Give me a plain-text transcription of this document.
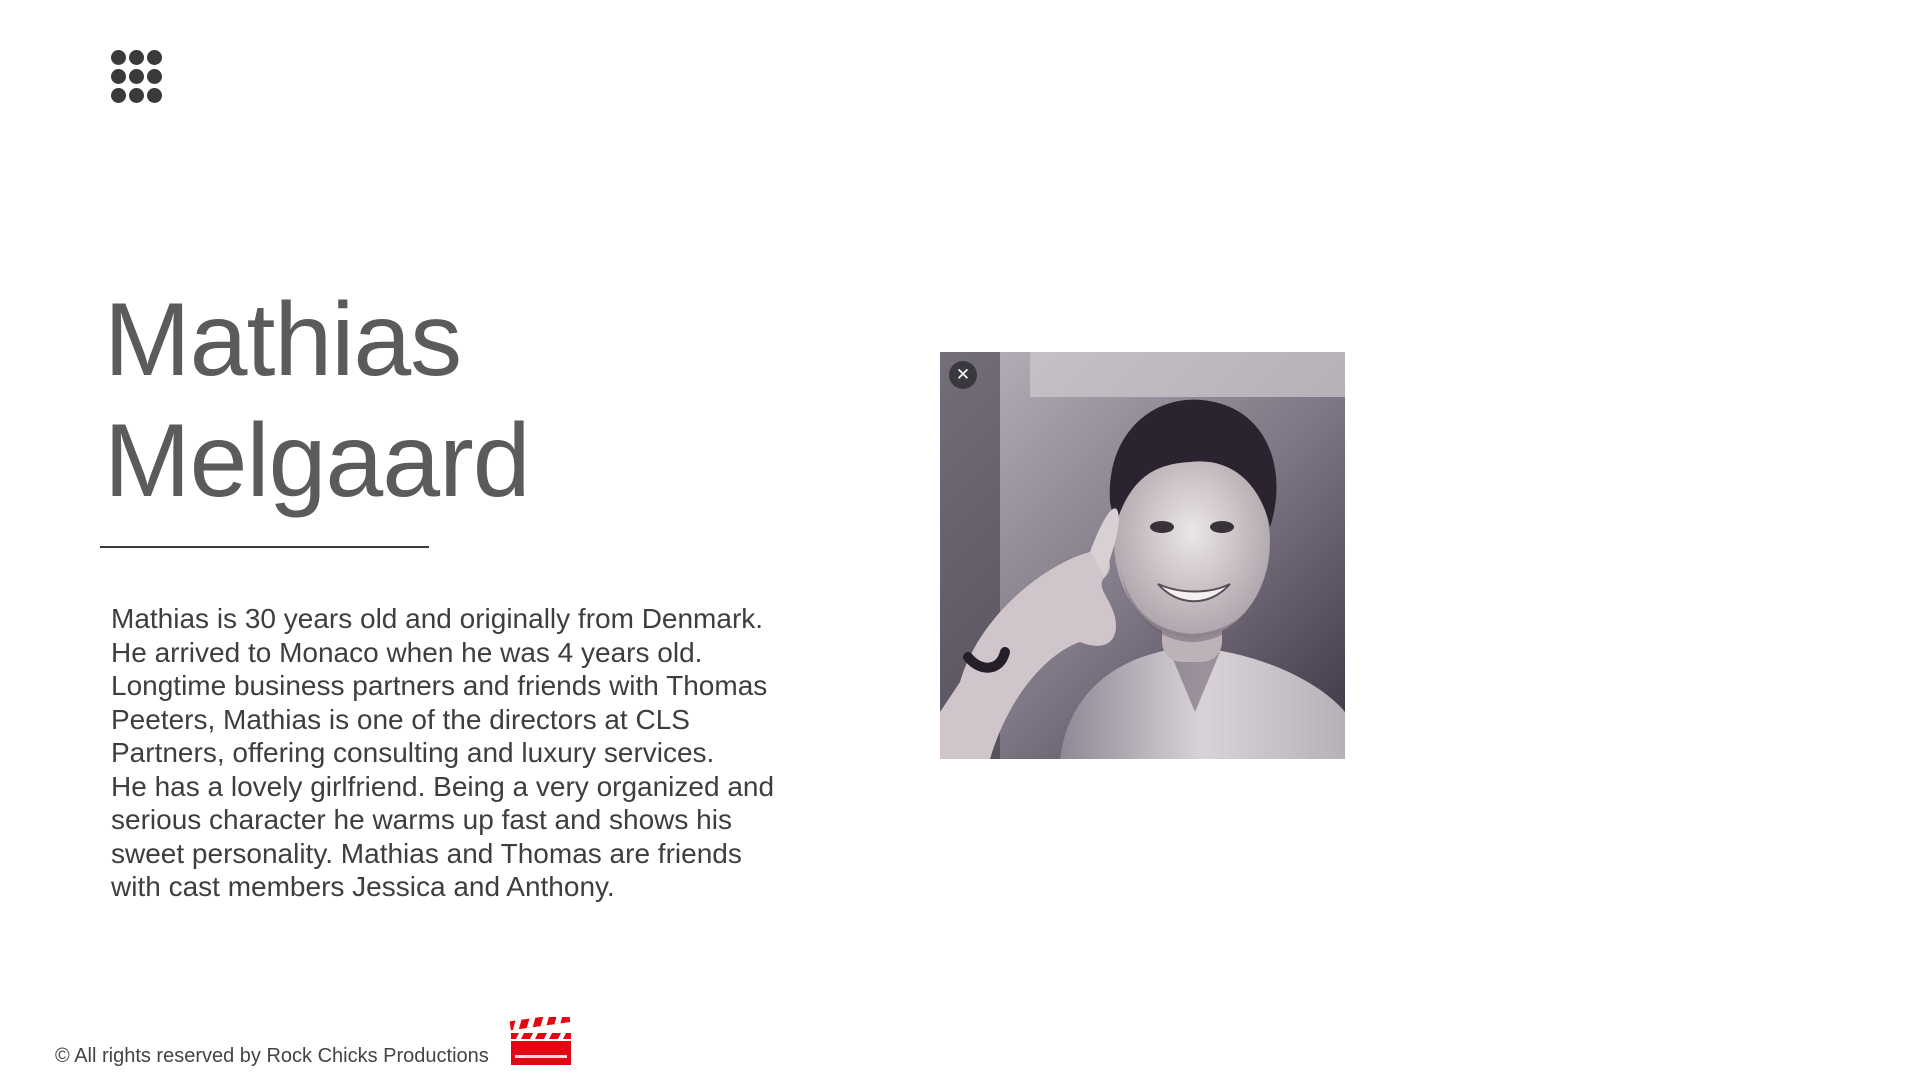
Mathias
Melgaard

Mathias is 30 years old and originally from Denmark.
He arrived to Monaco when he was 4 years old.
Longtime business partners and friends with Thomas
Peeters, Mathias is one of the directors at CLS
Partners, offering consulting and luxury services.
He has a lovely girlfriend. Being a very organized and
serious character he warms up fast and shows his
sweet personality. Mathias and Thomas are friends
with cast members Jessica and Anthony.

✕

© All rights reserved by Rock Chicks Productions
